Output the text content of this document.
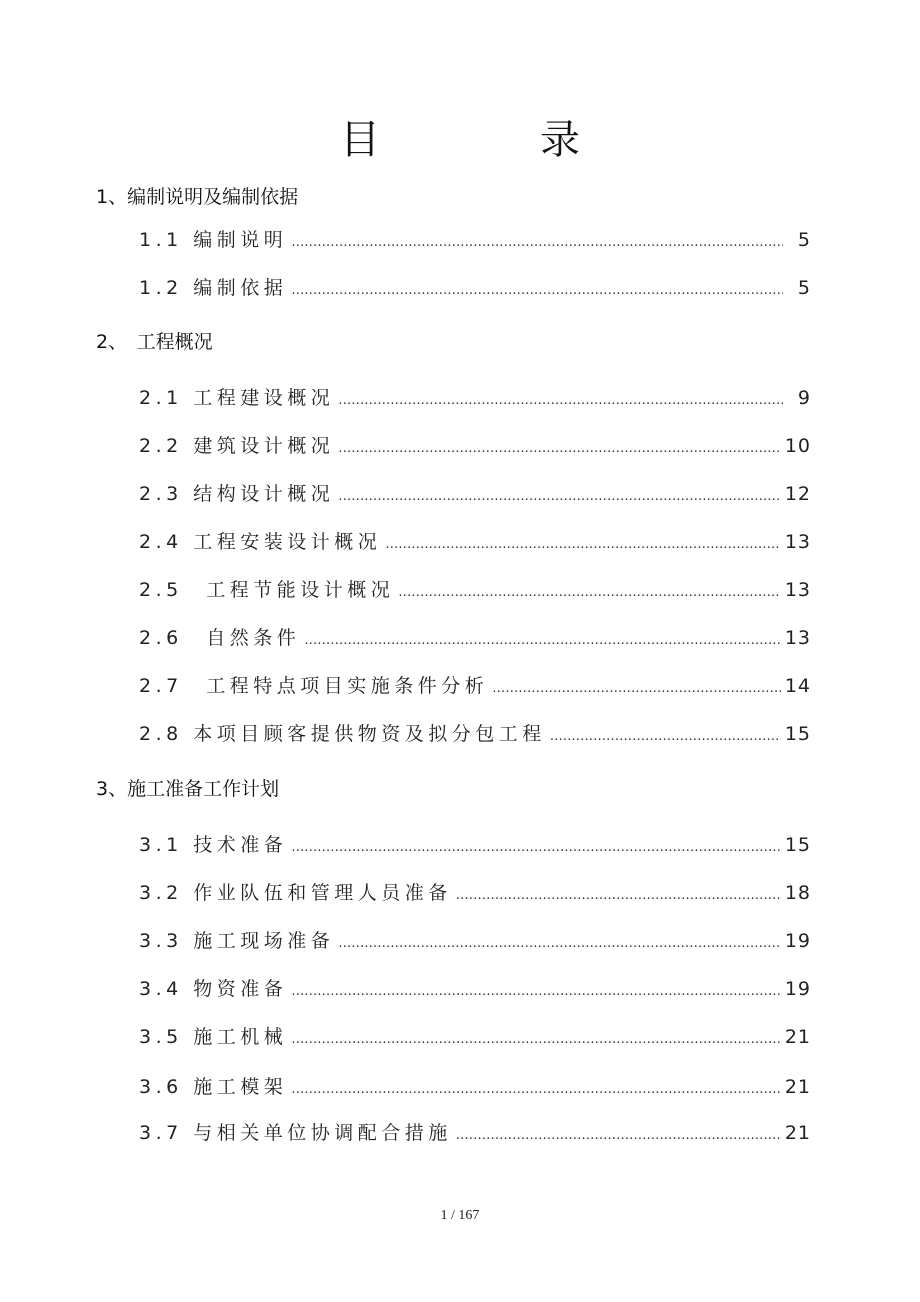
目　录
1、编制说明及编制依据
1.1 编制说明 …………………………………………………………………………………………………………………………………………………………………………………………………………	5
1.2 编制依据 …………………………………………………………………………………………………………………………………………………………………………………………………………	5
2、　工程概况
2.1 工程建设概况 …………………………………………………………………………………………………………………………………………………………………………………………………………	9
2.2 建筑设计概况 …………………………………………………………………………………………………………………………………………………………………………………………………………	10
2.3 结构设计概况 …………………………………………………………………………………………………………………………………………………………………………………………………………	12
2.4 工程安装设计概况 …………………………………………………………………………………………………………………………………………………………………………………………………………	13
2.5　工程节能设计概况 …………………………………………………………………………………………………………………………………………………………………………………………………………	13
2.6　自然条件 …………………………………………………………………………………………………………………………………………………………………………………………………………	13
2.7　工程特点项目实施条件分析 …………………………………………………………………………………………………………………………………………………………………………………………………………	14
2.8 本项目顾客提供物资及拟分包工程 …………………………………………………………………………………………………………………………………………………………………………………………………………	15
3、施工准备工作计划
3.1 技术准备 …………………………………………………………………………………………………………………………………………………………………………………………………………	15
3.2 作业队伍和管理人员准备 …………………………………………………………………………………………………………………………………………………………………………………………………………	18
3.3 施工现场准备 …………………………………………………………………………………………………………………………………………………………………………………………………………	19
3.4 物资准备 …………………………………………………………………………………………………………………………………………………………………………………………………………	19
3.5 施工机械 …………………………………………………………………………………………………………………………………………………………………………………………………………	21
3.6 施工模架 …………………………………………………………………………………………………………………………………………………………………………………………………………	21
3.7 与相关单位协调配合措施 …………………………………………………………………………………………………………………………………………………………………………………………………………	21
1 / 167
